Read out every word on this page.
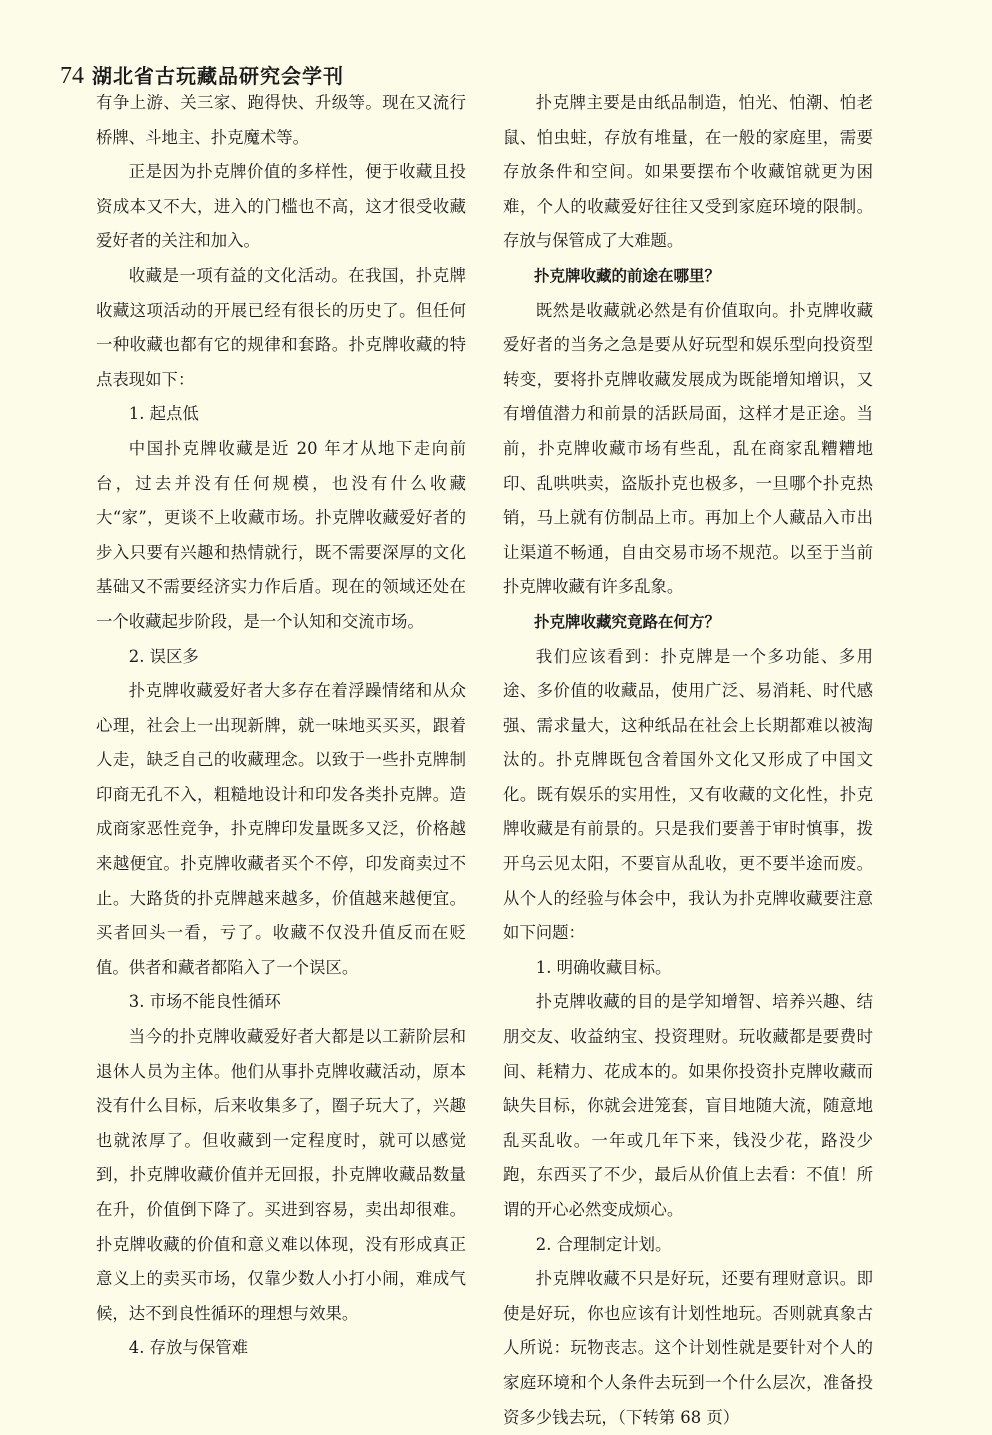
74 湖北省古玩藏品研究会学刊

有争上游、关三家、跑得快、升级等。现在又流行桥牌、斗地主、扑克魔术等。

正是因为扑克牌价值的多样性，便于收藏且投资成本又不大，进入的门槛也不高，这才很受收藏爱好者的关注和加入。

收藏是一项有益的文化活动。在我国，扑克牌收藏这项活动的开展已经有很长的历史了。但任何一种收藏也都有它的规律和套路。扑克牌收藏的特点表现如下：

1. 起点低

中国扑克牌收藏是近 20 年才从地下走向前台，过去并没有任何规模，也没有什么收藏大“家”，更谈不上收藏市场。扑克牌收藏爱好者的步入只要有兴趣和热情就行，既不需要深厚的文化基础又不需要经济实力作后盾。现在的领域还处在一个收藏起步阶段，是一个认知和交流市场。

2. 误区多

扑克牌收藏爱好者大多存在着浮躁情绪和从众心理，社会上一出现新牌，就一味地买买买，跟着人走，缺乏自己的收藏理念。以致于一些扑克牌制印商无孔不入，粗糙地设计和印发各类扑克牌。造成商家恶性竞争，扑克牌印发量既多又泛，价格越来越便宜。扑克牌收藏者买个不停，印发商卖过不止。大路货的扑克牌越来越多，价值越来越便宜。买者回头一看，亏了。收藏不仅没升值反而在贬值。供者和藏者都陷入了一个误区。

3. 市场不能良性循环

当今的扑克牌收藏爱好者大都是以工薪阶层和退休人员为主体。他们从事扑克牌收藏活动，原本没有什么目标，后来收集多了，圈子玩大了，兴趣也就浓厚了。但收藏到一定程度时，就可以感觉到，扑克牌收藏价值并无回报，扑克牌收藏品数量在升，价值倒下降了。买进到容易，卖出却很难。扑克牌收藏的价值和意义难以体现，没有形成真正意义上的卖买市场，仅靠少数人小打小闹，难成气候，达不到良性循环的理想与效果。

4. 存放与保管难

扑克牌主要是由纸品制造，怕光、怕潮、怕老鼠、怕虫蛀，存放有堆量，在一般的家庭里，需要存放条件和空间。如果要摆布个收藏馆就更为困难，个人的收藏爱好往往又受到家庭环境的限制。存放与保管成了大难题。

扑克牌收藏的前途在哪里？

既然是收藏就必然是有价值取向。扑克牌收藏爱好者的当务之急是要从好玩型和娱乐型向投资型转变，要将扑克牌收藏发展成为既能增知增识，又有增值潜力和前景的活跃局面，这样才是正途。当前，扑克牌收藏市场有些乱，乱在商家乱糟糟地印、乱哄哄卖，盗版扑克也极多，一旦哪个扑克热销，马上就有仿制品上市。再加上个人藏品入市出让渠道不畅通，自由交易市场不规范。以至于当前扑克牌收藏有许多乱象。

扑克牌收藏究竟路在何方？

我们应该看到：扑克牌是一个多功能、多用途、多价值的收藏品，使用广泛、易消耗、时代感强、需求量大，这种纸品在社会上长期都难以被淘汰的。扑克牌既包含着国外文化又形成了中国文化。既有娱乐的实用性，又有收藏的文化性，扑克牌收藏是有前景的。只是我们要善于审时慎事，拨开乌云见太阳，不要盲从乱收，更不要半途而废。从个人的经验与体会中，我认为扑克牌收藏要注意如下问题：

1. 明确收藏目标。

扑克牌收藏的目的是学知增智、培养兴趣、结朋交友、收益纳宝、投资理财。玩收藏都是要费时间、耗精力、花成本的。如果你投资扑克牌收藏而缺失目标，你就会进笼套，盲目地随大流，随意地乱买乱收。一年或几年下来，钱没少花，路没少跑，东西买了不少，最后从价值上去看：不值！所谓的开心必然变成烦心。

2. 合理制定计划。

扑克牌收藏不只是好玩，还要有理财意识。即使是好玩，你也应该有计划性地玩。否则就真象古人所说：玩物丧志。这个计划性就是要针对个人的家庭环境和个人条件去玩到一个什么层次，准备投资多少钱去玩，（下转第 68 页）
